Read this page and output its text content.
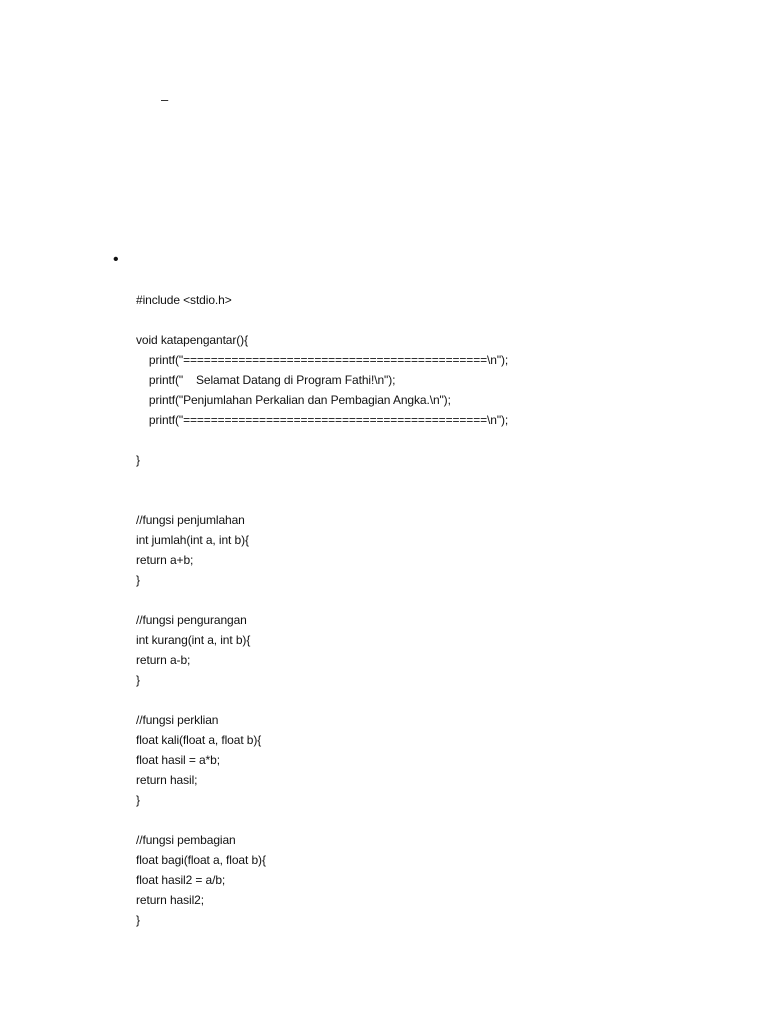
–
•
#include <stdio.h>
void katapengantar(){
printf("============================================\n");
printf("    Selamat Datang di Program Fathi!\n");
printf("Penjumlahan Perkalian dan Pembagian Angka.\n");
printf("============================================\n");
}
//fungsi penjumlahan
int jumlah(int a, int b){
return a+b;
}
//fungsi pengurangan
int kurang(int a, int b){
return a-b;
}
//fungsi perklian
float kali(float a, float b){
float hasil = a*b;
return hasil;
}
//fungsi pembagian
float bagi(float a, float b){
float hasil2 = a/b;
return hasil2;
}
